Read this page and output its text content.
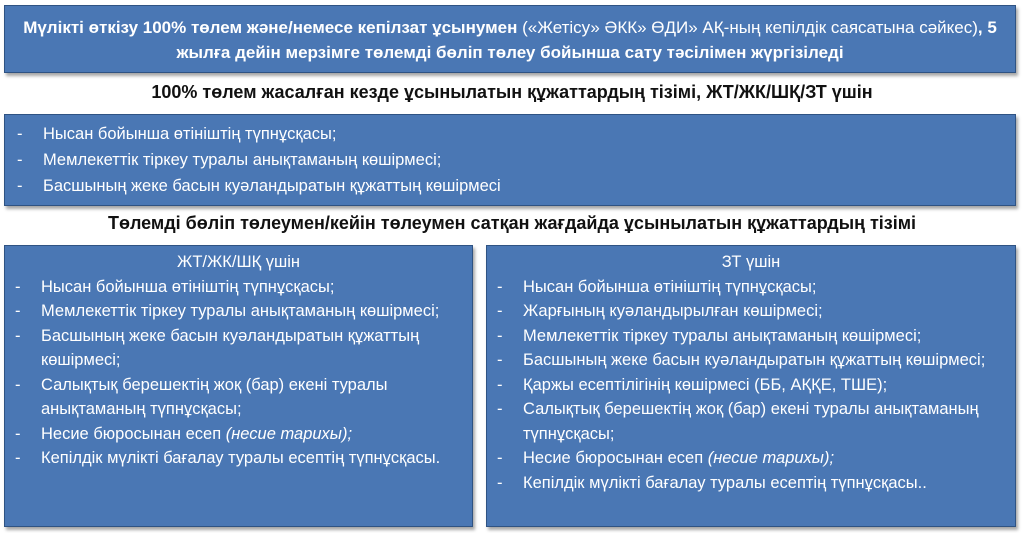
Мүлікті өткізу 100% төлем және/немесе кепілзат ұсынумен («Жетісу» ӘКК» ӨДИ» АҚ-ның кепілдік саясатына сәйкес), 5 жылға дейін мерзімге төлемді бөліп төлеу бойынша сату тәсілімен жүргізіледі
100% төлем жасалған кезде ұсынылатын құжаттардың тізімі, ЖТ/ЖК/ШҚ/ЗТ үшін
- Нысан бойынша өтініштің түпнұсқасы;
- Мемлекеттік тіркеу туралы анықтаманың көшірмесі;
- Басшының жеке басын куәландыратын құжаттың көшірмесі
Төлемді бөліп төлеумен/кейін төлеумен сатқан жағдайда ұсынылатын құжаттардың тізімі
ЖТ/ЖК/ШҚ үшін
- Нысан бойынша өтініштің түпнұсқасы;
- Мемлекеттік тіркеу туралы анықтаманың көшірмесі;
- Басшының жеке басын куәландыратын құжаттың көшірмесі;
- Салықтық берешектің жоқ (бар) екені туралы анықтаманың түпнұсқасы;
- Несие бюросынан есеп (несие тарихы);
- Кепілдік мүлікті бағалау туралы есептің түпнұсқасы.
ЗТ үшін
- Нысан бойынша өтініштің түпнұсқасы;
- Жарғының куәландырылған көшірмесі;
- Мемлекеттік тіркеу туралы анықтаманың көшірмесі;
- Басшының жеке басын куәландыратын құжаттың көшірмесі;
- Қаржы есептілігінің көшірмесі (ББ, АҚҚЕ, ТШЕ);
- Салықтық берешектің жоқ (бар) екені туралы анықтаманың түпнұсқасы;
- Несие бюросынан есеп (несие тарихы);
- Кепілдік мүлікті бағалау туралы есептің түпнұсқасы..
